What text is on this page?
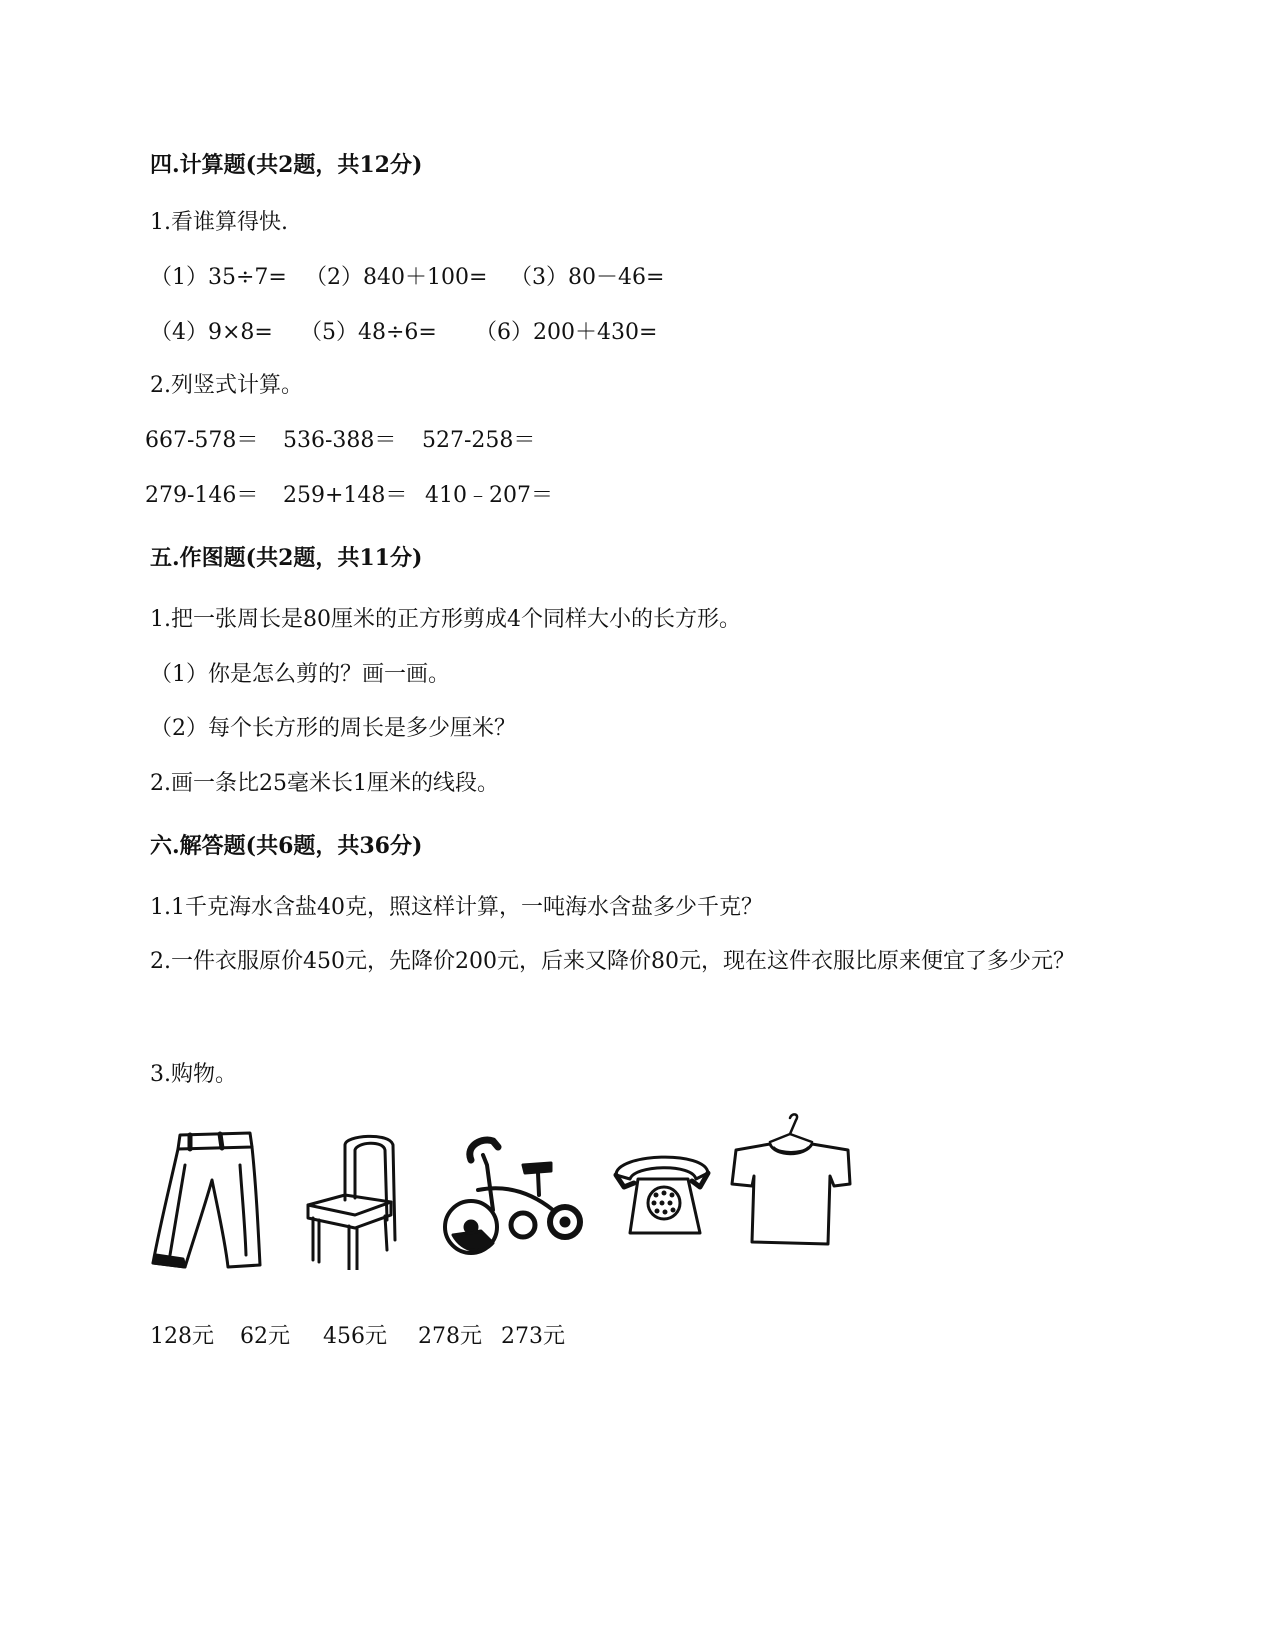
四.计算题(共2题，共12分)
1.看谁算得快.
（1）35÷7= （2）840＋100= （3）80－46=
（4）9×8= （5）48÷6= （6）200＋430=
2.列竖式计算。
667-578＝ 536-388＝ 527-258＝
279-146＝ 259+148＝ 410﹣207＝
五.作图题(共2题，共11分)
1.把一张周长是80厘米的正方形剪成4个同样大小的长方形。
（1）你是怎么剪的？画一画。
（2）每个长方形的周长是多少厘米？
2.画一条比25毫米长1厘米的线段。
六.解答题(共6题，共36分)
1.1千克海水含盐40克，照这样计算，一吨海水含盐多少千克？
2.一件衣服原价450元，先降价200元，后来又降价80元，现在这件衣服比原来便宜了多少元？
3.购物。
128元 62元 456元 278元 273元
